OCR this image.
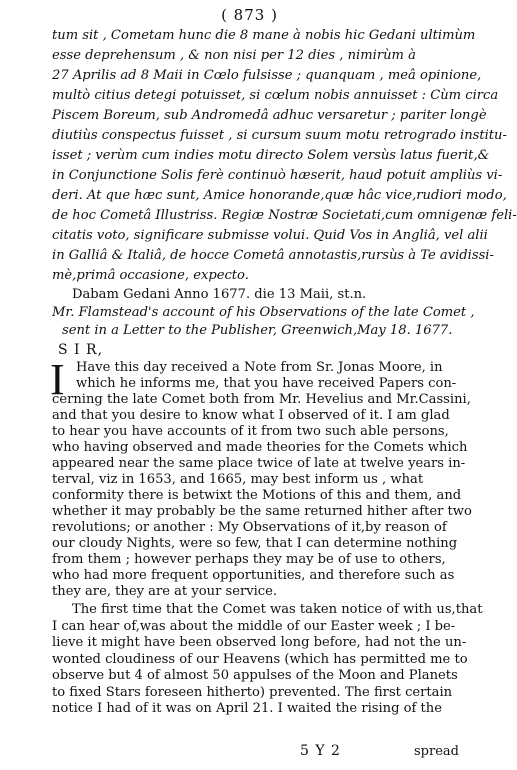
( 873 )
tum sit , Cometam hunc die 8 mane à nobis hic Gedani ultimùm
esse deprehensum , & non nisi per 12 dies , nimirùm à
27 Aprilis ad 8 Maii in Cœlo fulsisse ; quanquam , meâ opinione,
multò citius detegi potuisset, si cœlum nobis annuisset : Cùm circa
Piscem Boreum, sub Andromedâ adhuc versaretur ; pariter longè
diutiùs conspectus fuisset , si cursum suum motu retrogrado institu-
isset ; verùm cum indies motu directo Solem versùs latus fuerit,&
in Conjunctione Solis ferè continuò hæserit, haud potuit ampliùs vi-
deri. At que hæc sunt, Amice honorande,quæ hâc vice,rudiori modo,
de hoc Cometâ Illustriss. Regiæ Nostræ Societati,cum omnigenæ feli-
citatis voto, significare submisse volui. Quid Vos in Angliâ, vel alii
in Galliâ & Italiâ, de hocce Cometâ annotastis,rursùs à Te avidissi-
mè,primâ occasione, expecto.
Dabam Gedani Anno 1677. die 13 Maii, st.n.
Mr. Flamstead's account of his Observations of the late Comet ,
sent in a Letter to the Publisher, Greenwich,May 18. 1677.
S I R,
I Have this day received a Note from Sr. Jonas Moore, in
which he informs me, that you have received Papers con-
cerning the late Comet both from Mr. Hevelius and Mr.Cassini,
and that you desire to know what I observed of it. I am glad
to hear you have accounts of it from two such able persons,
who having observed and made theories for the Comets which
appeared near the same place twice of late at twelve years in-
terval, viz in 1653, and 1665, may best inform us , what
conformity there is betwixt the Motions of this and them, and
whether it may probably be the same returned hither after two
revolutions; or another : My Observations of it,by reason of
our cloudy Nights, were so few, that I can determine nothing
from them ; however perhaps they may be of use to others,
who had more frequent opportunities, and therefore such as
they are, they are at your service.
The first time that the Comet was taken notice of with us,that
I can hear of,was about the middle of our Easter week ; I be-
lieve it might have been observed long before, had not the un-
wonted cloudiness of our Heavens (which has permitted me to
observe but 4 of almost 50 appulses of the Moon and Planets
to fixed Stars foreseen hitherto) prevented. The first certain
notice I had of it was on April 21. I waited the rising of the
5 Y 2	spread
